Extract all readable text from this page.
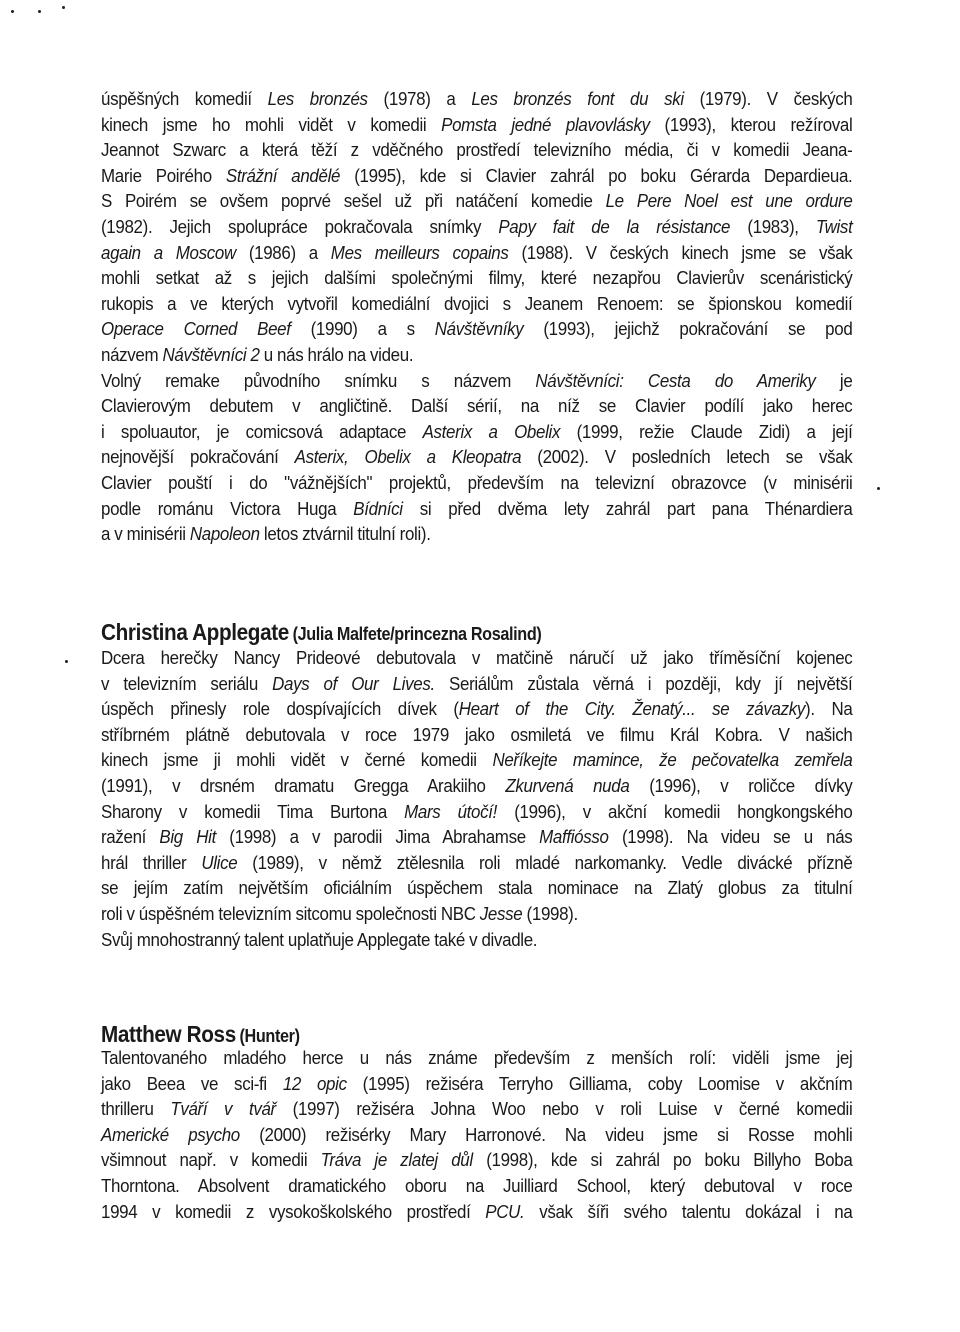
úspěšných komedií Les bronzés (1978) a Les bronzés font du ski (1979). V českých
kinech jsme ho mohli vidět v komedii Pomsta jedné plavovlásky (1993), kterou režíroval
Jeannot Szwarc a která těží z vděčného prostředí televizního média, či v komedii Jeana-
Marie Poirého Strážní andělé (1995), kde si Clavier zahrál po boku Gérarda Depardieua.
S Poirém se ovšem poprvé sešel už při natáčení komedie Le Pere Noel est une ordure
(1982). Jejich spolupráce pokračovala snímky Papy fait de la résistance (1983), Twist
again a Moscow (1986) a Mes meilleurs copains (1988). V českých kinech jsme se však
mohli setkat až s jejich dalšími společnými filmy, které nezapřou Clavierův scenáristický
rukopis a ve kterých vytvořil komediální dvojici s Jeanem Renoem: se špionskou komedií
Operace Corned Beef (1990) a s Návštěvníky (1993), jejichž pokračování se pod
názvem Návštěvníci 2 u nás hrálo na videu.
Volný remake původního snímku s názvem Návštěvníci: Cesta do Ameriky je
Clavierovým debutem v angličtině. Další sérií, na níž se Clavier podílí jako herec
i spoluautor, je comicsová adaptace Asterix a Obelix (1999, režie Claude Zidi) a její
nejnovější pokračování Asterix, Obelix a Kleopatra (2002). V posledních letech se však
Clavier pouští i do "vážnějších" projektů, především na televizní obrazovce (v minisérii
podle románu Victora Huga Bídníci si před dvěma lety zahrál part pana Thénardiera
a v minisérii Napoleon letos ztvárnil titulní roli).

Christina Applegate (Julia Malfete/princezna Rosalind)

Dcera herečky Nancy Prideové debutovala v matčině náručí už jako tříměsíční kojenec
v televizním seriálu Days of Our Lives. Seriálům zůstala věrná i později, kdy jí největší
úspěch přinesly role dospívajících dívek (Heart of the City. Ženatý... se závazky). Na
stříbrném plátně debutovala v roce 1979 jako osmiletá ve filmu Král Kobra. V našich
kinech jsme ji mohli vidět v černé komedii Neříkejte mamince, že pečovatelka zemřela
(1991), v drsném dramatu Gregga Arakiiho Zkurvená nuda (1996), v roličce dívky
Sharony v komedii Tima Burtona Mars útočí! (1996), v akční komedii hongkongského
ražení Big Hit (1998) a v parodii Jima Abrahamse Maffiósso (1998). Na videu se u nás
hrál thriller Ulice (1989), v němž ztělesnila roli mladé narkomanky. Vedle divácké přízně
se jejím zatím největším oficiálním úspěchem stala nominace na Zlatý globus za titulní
roli v úspěšném televizním sitcomu společnosti NBC Jesse (1998).
Svůj mnohostranný talent uplatňuje Applegate také v divadle.

Matthew Ross (Hunter)

Talentovaného mladého herce u nás známe především z menších rolí: viděli jsme jej
jako Beea ve sci-fi 12 opic (1995) režiséra Terryho Gilliama, coby Loomise v akčním
thrilleru Tváří v tvář (1997) režiséra Johna Woo nebo v roli Luise v černé komedii
Americké psycho (2000) režisérky Mary Harronové. Na videu jsme si Rosse mohli
všimnout např. v komedii Tráva je zlatej důl (1998), kde si zahrál po boku Billyho Boba
Thorntona. Absolvent dramatického oboru na Juilliard School, který debutoval v roce
1994 v komedii z vysokoškolského prostředí PCU. však šíři svého talentu dokázal i na
